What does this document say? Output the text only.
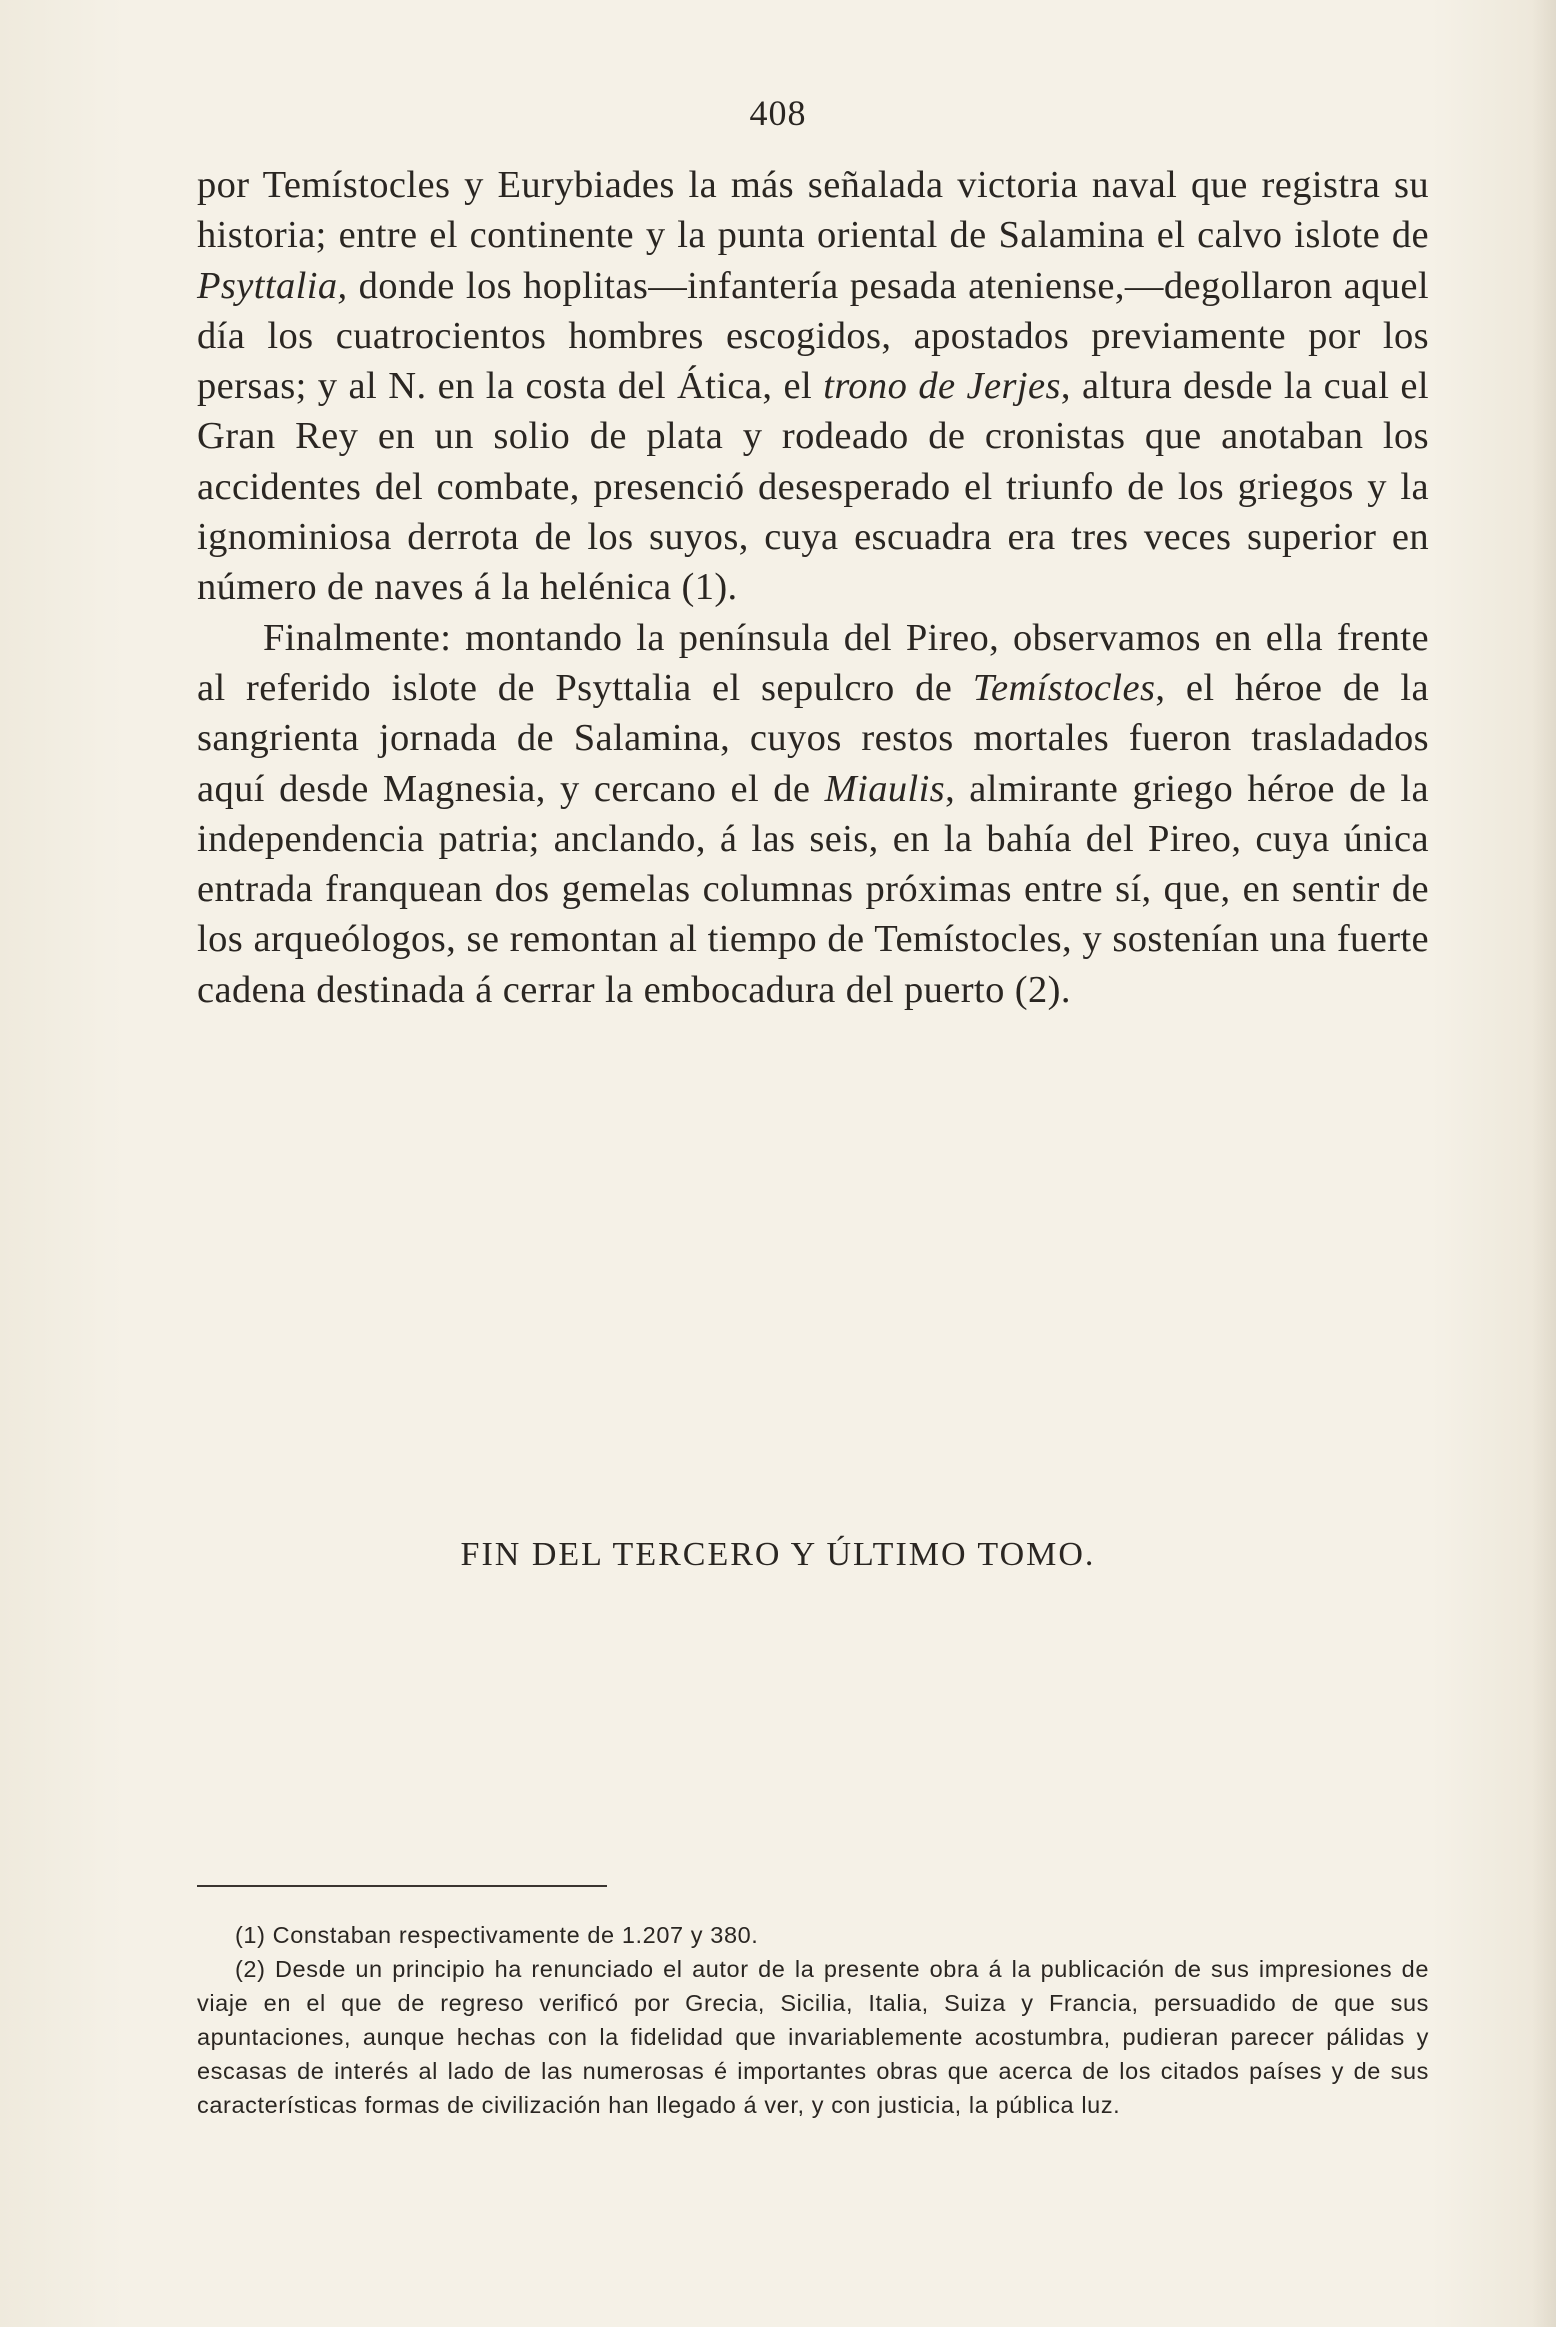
408

por Temístocles y Eurybiades la más señalada victoria naval que registra su historia; entre el continente y la punta oriental de Salamina el calvo islote de Psyttalia, donde los hoplitas—infantería pesada ateniense,—degollaron aquel día los cuatrocientos hombres escogidos, apostados previamente por los persas; y al N. en la costa del Ática, el trono de Jerjes, altura desde la cual el Gran Rey en un solio de plata y rodeado de cronistas que anotaban los accidentes del combate, presenció desesperado el triunfo de los griegos y la ignominiosa derrota de los suyos, cuya escuadra era tres veces superior en número de naves á la helénica (1).

Finalmente: montando la península del Pireo, observamos en ella frente al referido islote de Psyttalia el sepulcro de Temístocles, el héroe de la sangrienta jornada de Salamina, cuyos restos mortales fueron trasladados aquí desde Magnesia, y cercano el de Miaulis, almirante griego héroe de la independencia patria; anclando, á las seis, en la bahía del Pireo, cuya única entrada franquean dos gemelas columnas próximas entre sí, que, en sentir de los arqueólogos, se remontan al tiempo de Temístocles, y sostenían una fuerte cadena destinada á cerrar la embocadura del puerto (2).

FIN DEL TERCERO Y ÚLTIMO TOMO.

(1) Constaban respectivamente de 1.207 y 380.

(2) Desde un principio ha renunciado el autor de la presente obra á la publicación de sus impresiones de viaje en el que de regreso verificó por Grecia, Sicilia, Italia, Suiza y Francia, persuadido de que sus apuntaciones, aunque hechas con la fidelidad que invariablemente acostumbra, pudieran parecer pálidas y escasas de interés al lado de las numerosas é importantes obras que acerca de los citados países y de sus características formas de civilización han llegado á ver, y con justicia, la pública luz.
